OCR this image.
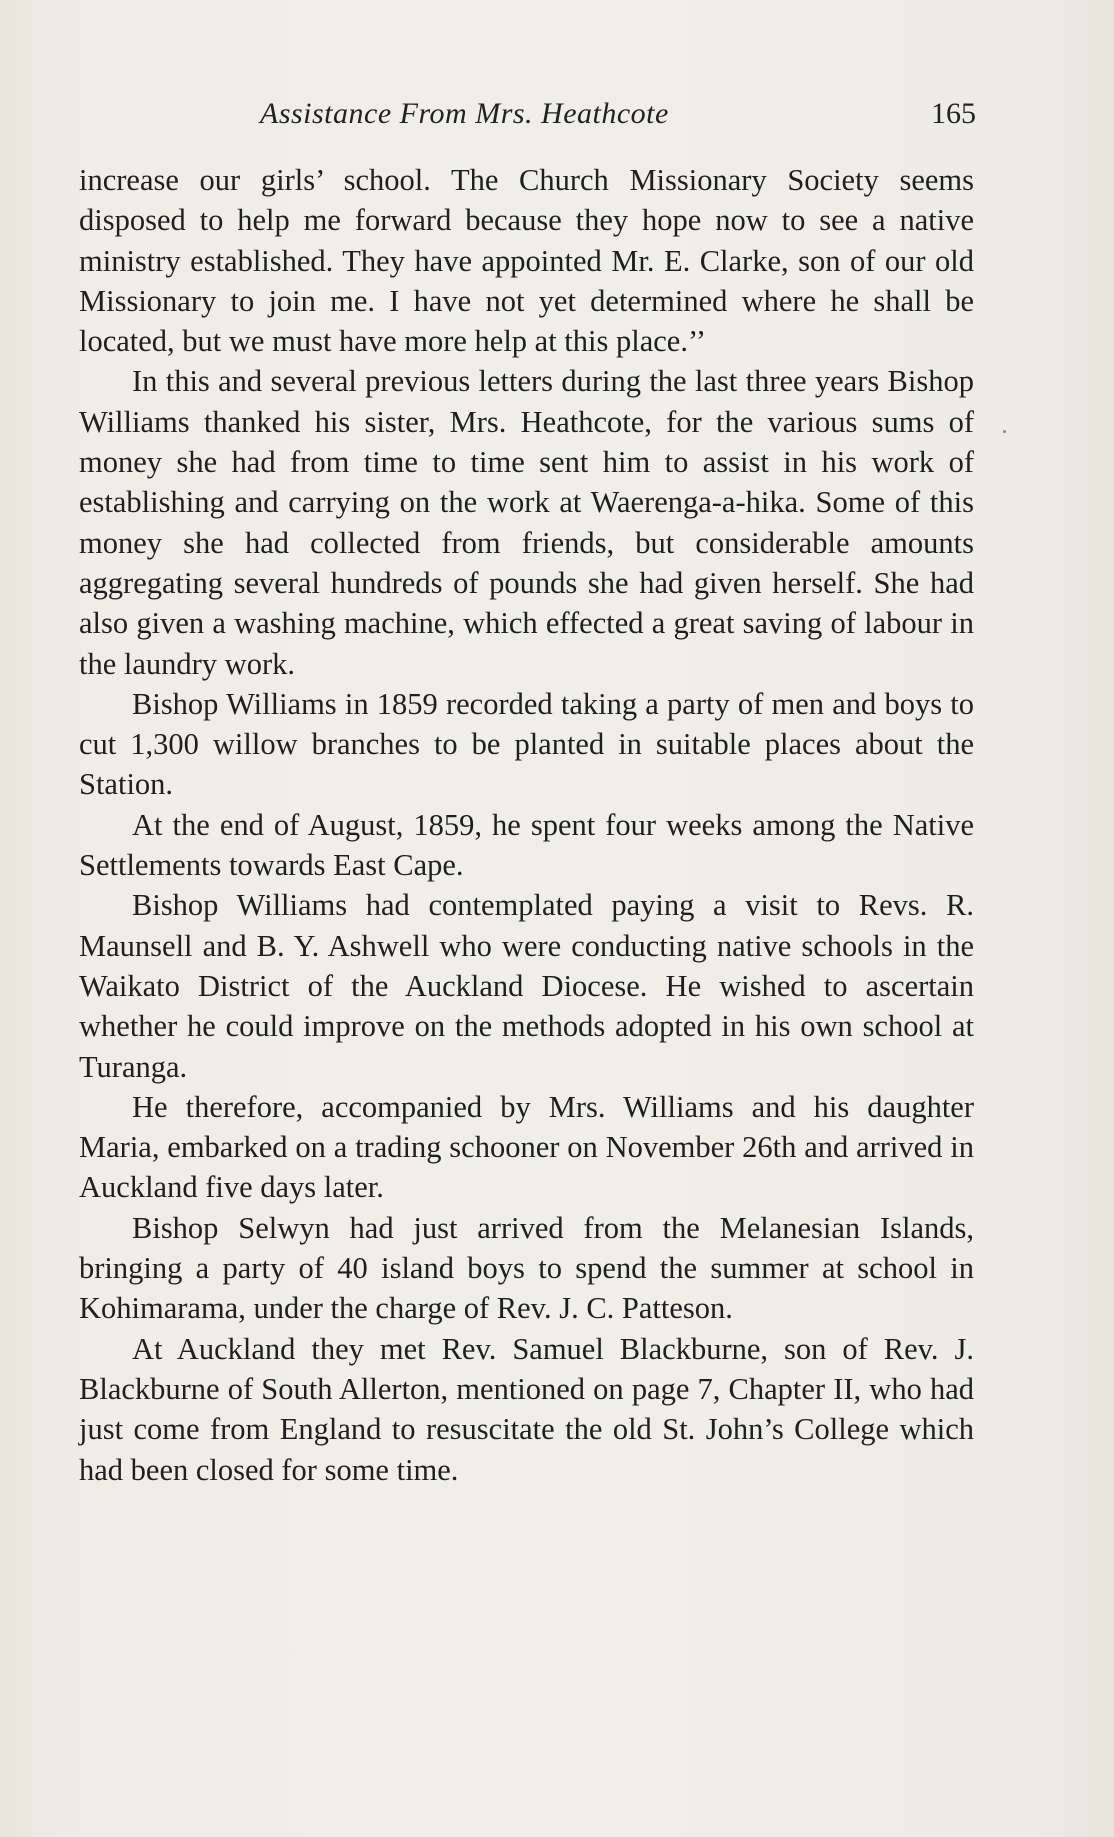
Assistance From Mrs. Heathcote	165

increase our girls’ school. The Church Missionary Society seems disposed to help me forward because they hope now to see a native ministry established. They have appointed Mr. E. Clarke, son of our old Missionary to join me. I have not yet determined where he shall be located, but we must have more help at this place.’’

In this and several previous letters during the last three years Bishop Williams thanked his sister, Mrs. Heathcote, for the various sums of money she had from time to time sent him to assist in his work of establishing and carrying on the work at Waerenga-a-hika. Some of this money she had collected from friends, but considerable amounts aggregating several hundreds of pounds she had given herself. She had also given a washing machine, which effected a great saving of labour in the laundry work.

Bishop Williams in 1859 recorded taking a party of men and boys to cut 1,300 willow branches to be planted in suitable places about the Station.

At the end of August, 1859, he spent four weeks among the Native Settlements towards East Cape.

Bishop Williams had contemplated paying a visit to Revs. R. Maunsell and B. Y. Ashwell who were conducting native schools in the Waikato District of the Auckland Diocese. He wished to ascertain whether he could improve on the methods adopted in his own school at Turanga.

He therefore, accompanied by Mrs. Williams and his daughter Maria, embarked on a trading schooner on November 26th and arrived in Auckland five days later.

Bishop Selwyn had just arrived from the Melanesian Islands, bringing a party of 40 island boys to spend the summer at school in Kohimarama, under the charge of Rev. J. C. Patteson.

At Auckland they met Rev. Samuel Blackburne, son of Rev. J. Blackburne of South Allerton, mentioned on page 7, Chapter II, who had just come from England to resuscitate the old St. John’s College which had been closed for some time.
